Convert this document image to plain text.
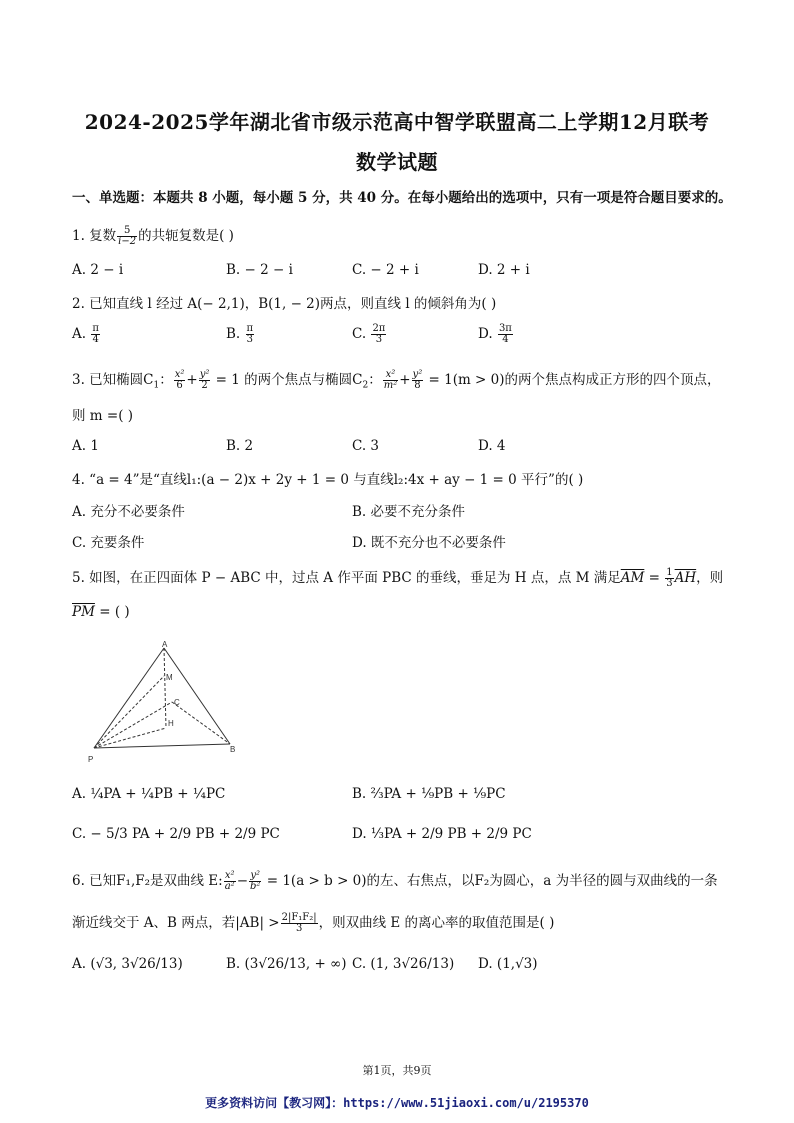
2024-2025学年湖北省市级示范高中智学联盟高二上学期12月联考
数学试题
一、单选题：本题共 8 小题，每小题 5 分，共 40 分。在每小题给出的选项中，只有一项是符合题目要求的。
1. 复数 $\frac{5}{i-2}$ 的共轭复数是( )
A. 2 − i	B. − 2 − i	C. − 2 + i	D. 2 + i
2. 已知直线 l 经过 A(− 2,1)，B(1, − 2)两点，则直线 l 的倾斜角为( )
A. $\frac{\pi}{4}$	B. $\frac{\pi}{3}$	C. $\frac{2\pi}{3}$	D. $\frac{3\pi}{4}$
3. 已知椭圆$C_1$： $\frac{\text{x²}}{6} + \frac{\text{y²}}{2} = 1$ 的两个焦点与椭圆$C_2$： $\frac{\text{x²}}{\text{m²}} + \frac{\text{y²}}{8} = 1(m > 0)$的两个焦点构成正方形的四个顶点，
则 m =( )
A. 1	B. 2	C. 3	D. 4
4. “a = 4”是“直线l₁:(a − 2)x + 2y + 1 = 0 与直线l₂:4x + ay − 1 = 0 平行”的( )
A. 充分不必要条件	B. 必要不充分条件
C. 充要条件	D. 既不充分也不必要条件
5. 如图，在正四面体 P − ABC 中，过点 A 作平面 PBC 的垂线，垂足为 H 点，点 M 满足$\overline{AM} = \frac{1}{3} \overline{AH}$，则
$\overline{PM}$ = ( )
A
M
C
H
P
B
A. ¼PA + ¼PB + ¼PC	B. ⅔PA + ⅑PB + ⅑PC
C. − 5/3 PA + 2/9 PB + 2/9 PC	D. ⅓PA + 2/9 PB + 2/9 PC
6. 已知F₁,F₂是双曲线 E: $\frac{\text{x²}}{\text{a²}} - \frac{\text{y²}}{\text{b²}} = 1(a > b > 0)$的左、右焦点，以F₂为圆心，a 为半径的圆与双曲线的一条
渐近线交于 A、B 两点，若$|AB| > \frac{\text{2|F₁F₂|}}{3}$ ，则双曲线 E 的离心率的取值范围是( )
A. (√3, 3√26/13)	B. (3√26/13, + ∞) C. (1, 3√26/13) D. (1,√3)
第1页，共9页
更多资料访问【教习网】：https://www.51jiaoxi.com/u/2195370
